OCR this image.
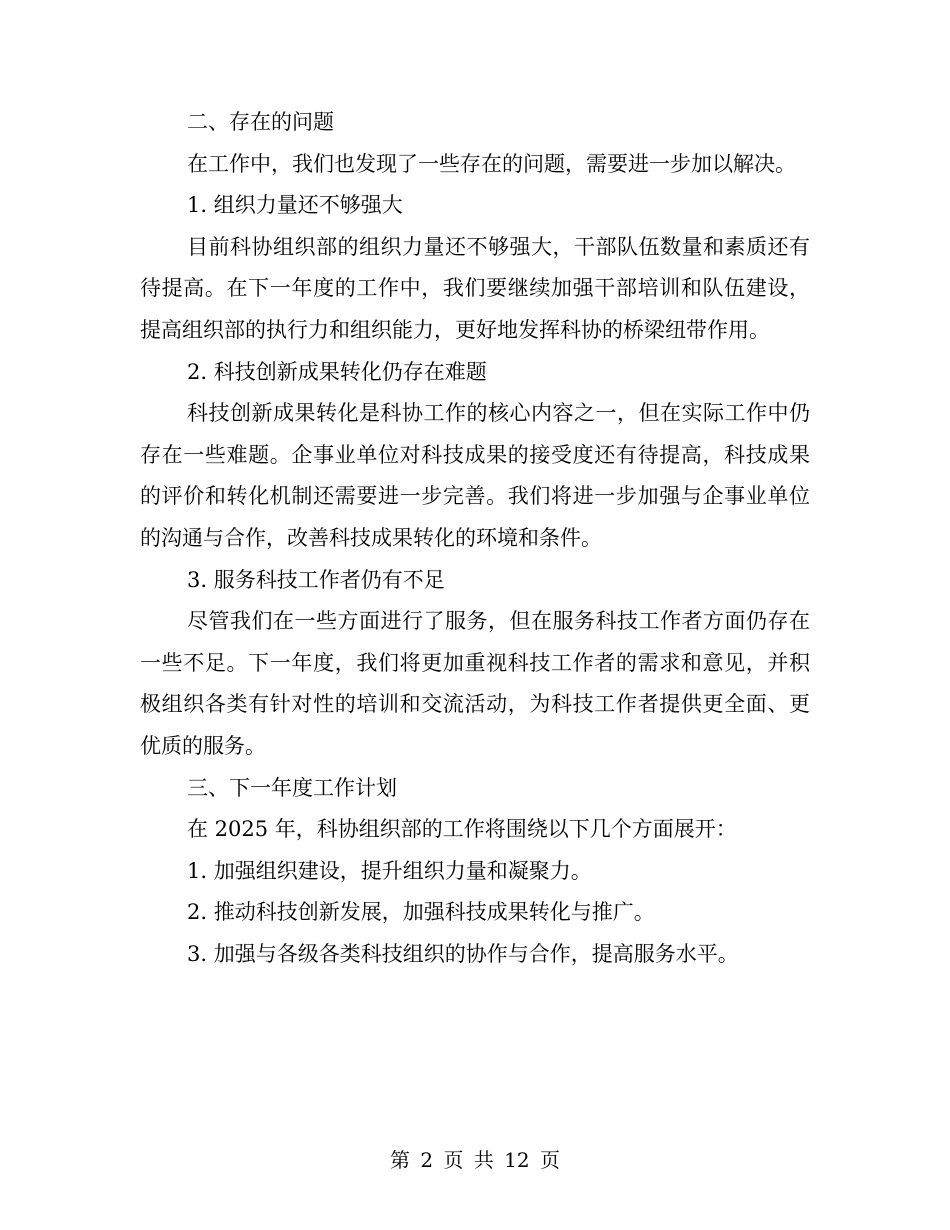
二、存在的问题

在工作中，我们也发现了一些存在的问题，需要进一步加以解决。

1. 组织力量还不够强大

目前科协组织部的组织力量还不够强大，干部队伍数量和素质还有待提高。在下一年度的工作中，我们要继续加强干部培训和队伍建设，提高组织部的执行力和组织能力，更好地发挥科协的桥梁纽带作用。

2. 科技创新成果转化仍存在难题

科技创新成果转化是科协工作的核心内容之一，但在实际工作中仍存在一些难题。企事业单位对科技成果的接受度还有待提高，科技成果的评价和转化机制还需要进一步完善。我们将进一步加强与企事业单位的沟通与合作，改善科技成果转化的环境和条件。

3. 服务科技工作者仍有不足

尽管我们在一些方面进行了服务，但在服务科技工作者方面仍存在一些不足。下一年度，我们将更加重视科技工作者的需求和意见，并积极组织各类有针对性的培训和交流活动，为科技工作者提供更全面、更优质的服务。

三、下一年度工作计划

在 2025 年，科协组织部的工作将围绕以下几个方面展开：

1. 加强组织建设，提升组织力量和凝聚力。

2. 推动科技创新发展，加强科技成果转化与推广。

3. 加强与各级各类科技组织的协作与合作，提高服务水平。

第 2 页 共 12 页
